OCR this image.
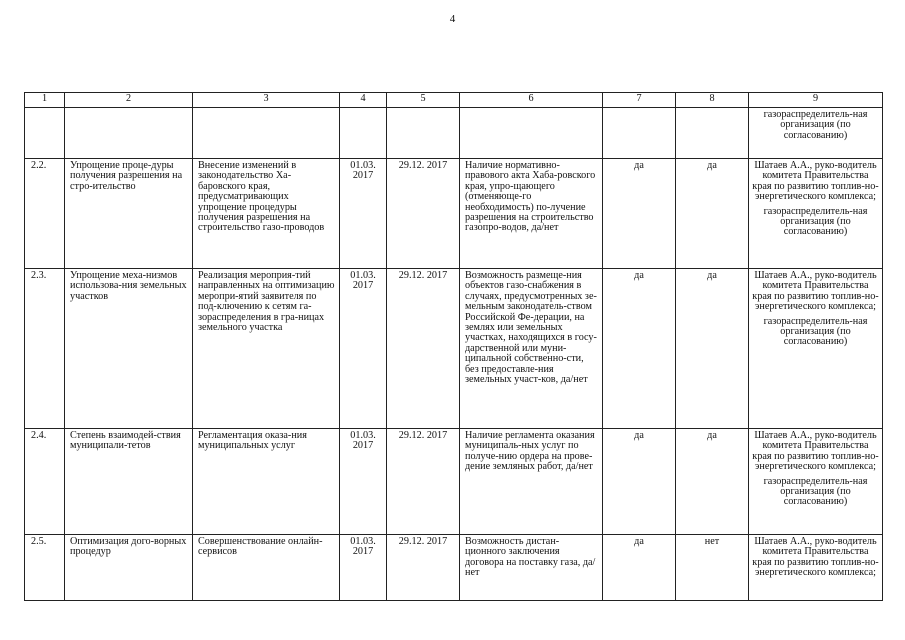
4
1	2	3	4	5	6	7	8	9

								газораспределитель-ная организация (по согласованию)

2.2.	Упрощение проце-дуры получения разрешения на стро-ительство	Внесение изменений в законодательство Ха-баровского края, предусматривающих упрощение процедуры получения разрешения на строительство газо-проводов	01.03. 2017	29.12. 2017	Наличие нормативно-правового акта Хаба-ровского края, упро-щающего (отменяюще-го необходимость) по-лучение разрешения на строительство газопро-водов, да/нет	да	да	Шатаев А.А., руко-водитель комитета Правительства края по развитию топлив-но-энергетического комплекса;
газораспределитель-ная организация (по согласованию)

2.3.	Упрощение меха-низмов использова-ния земельных участков	Реализация мероприя-тий направленных на оптимизацию меропри-ятий заявителя по под-ключению к сетям га-зораспределения в гра-ницах земельного участка	01.03. 2017	29.12. 2017	Возможность размеще-ния объектов газо-снабжения в случаях, предусмотренных зе-мельным законодатель-ством Российской Фе-дерации, на землях или земельных участках, находящихся в госу-дарственной или муни-ципальной собственно-сти, без предоставле-ния земельных участ-ков, да/нет	да	да	Шатаев А.А., руко-водитель комитета Правительства края по развитию топлив-но-энергетического комплекса;
газораспределитель-ная организация (по согласованию)

2.4.	Степень взаимодей-ствия муниципали-тетов	Регламентация оказа-ния муниципальных услуг	01.03. 2017	29.12. 2017	Наличие регламента оказания муниципаль-ных услуг по получе-нию ордера на прове-дение земляных работ, да/нет	да	да	Шатаев А.А., руко-водитель комитета Правительства края по развитию топлив-но-энергетического комплекса;
газораспределитель-ная организация (по согласованию)

2.5.	Оптимизация дого-ворных процедур	Совершенствование онлайн-сервисов	01.03. 2017	29.12. 2017	Возможность дистан-ционного заключения договора на поставку газа, да/нет	да	нет	Шатаев А.А., руко-водитель комитета Правительства края по развитию топлив-но-энергетического комплекса;
